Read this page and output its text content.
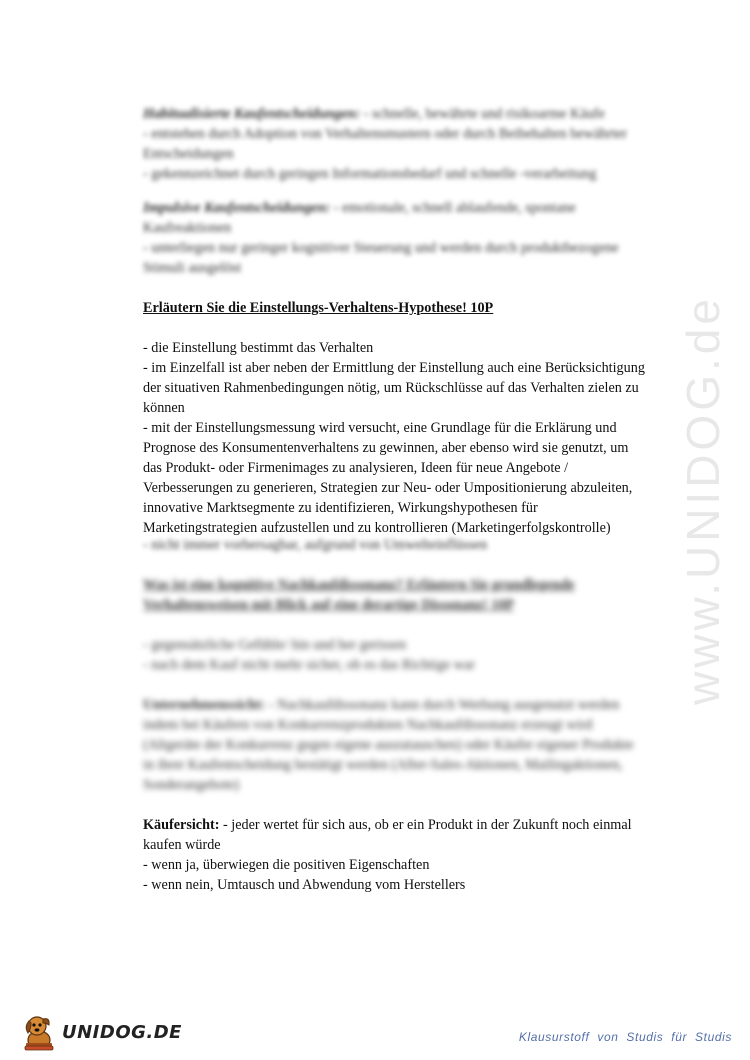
Habitualisierte Kaufentscheidungen: - schnelle, bewährte und risikoarme Käufe
- entstehen durch Adoption von Verhaltensmustern oder durch Beibehalten bewährter
Entscheidungen
- gekennzeichnet durch geringen Informationsbedarf und schnelle -verarbeitung
Impulsive Kaufentscheidungen: - emotionale, schnell ablaufende, spontane
Kaufreaktionen
- unterliegen nur geringer kognitiver Steuerung und werden durch produktbezogene
Stimuli ausgelöst
Erläutern Sie die Einstellungs-Verhaltens-Hypothese! 10P
- die Einstellung bestimmt das Verhalten
- im Einzelfall ist aber neben der Ermittlung der Einstellung auch eine Berücksichtigung
der situativen Rahmenbedingungen nötig, um Rückschlüsse auf das Verhalten zielen zu
können
- mit der Einstellungsmessung wird versucht, eine Grundlage für die Erklärung und
Prognose des Konsumentenverhaltens zu gewinnen, aber ebenso wird sie genutzt, um
das Produkt- oder Firmenimages zu analysieren, Ideen für neue Angebote /
Verbesserungen zu generieren, Strategien zur Neu- oder Umpositionierung abzuleiten,
innovative Marktsegmente zu identifizieren, Wirkungshypothesen für
Marketingstrategien aufzustellen und zu kontrollieren (Marketingerfolgskontrolle)
- nicht immer vorhersagbar, aufgrund von Umwelteinflüssen
Was ist eine kognitive Nachkaufdissonanz? Erläutern Sie grundlegende
Verhaltensweisen mit Blick auf eine derartige Dissonanz! 10P
- gegensätzliche Gefühle/ hin und her gerissen
- nach dem Kauf nicht mehr sicher, ob es das Richtige war
Unternehmenssicht: - Nachkaufdissonanz kann durch Werbung ausgenutzt werden
indem bei Käufern von Konkurrenzprodukten Nachkaufdissonanz erzeugt wird
(Altgeräte der Konkurrenz gegen eigene auszutauschen) oder Käufer eigener Produkte
in ihrer Kaufentscheidung bestätigt werden (After-Sales-Aktionen, Mailingaktionen,
Sonderangebote)
Käufersicht: - jeder wertet für sich aus, ob er ein Produkt in der Zukunft noch einmal
kaufen würde
- wenn ja, überwiegen die positiven Eigenschaften
- wenn nein, Umtausch und Abwendung vom Herstellers
www.UNIDOG.de
UNIDOG.DE	Klausurstoff von Studis für Studis
